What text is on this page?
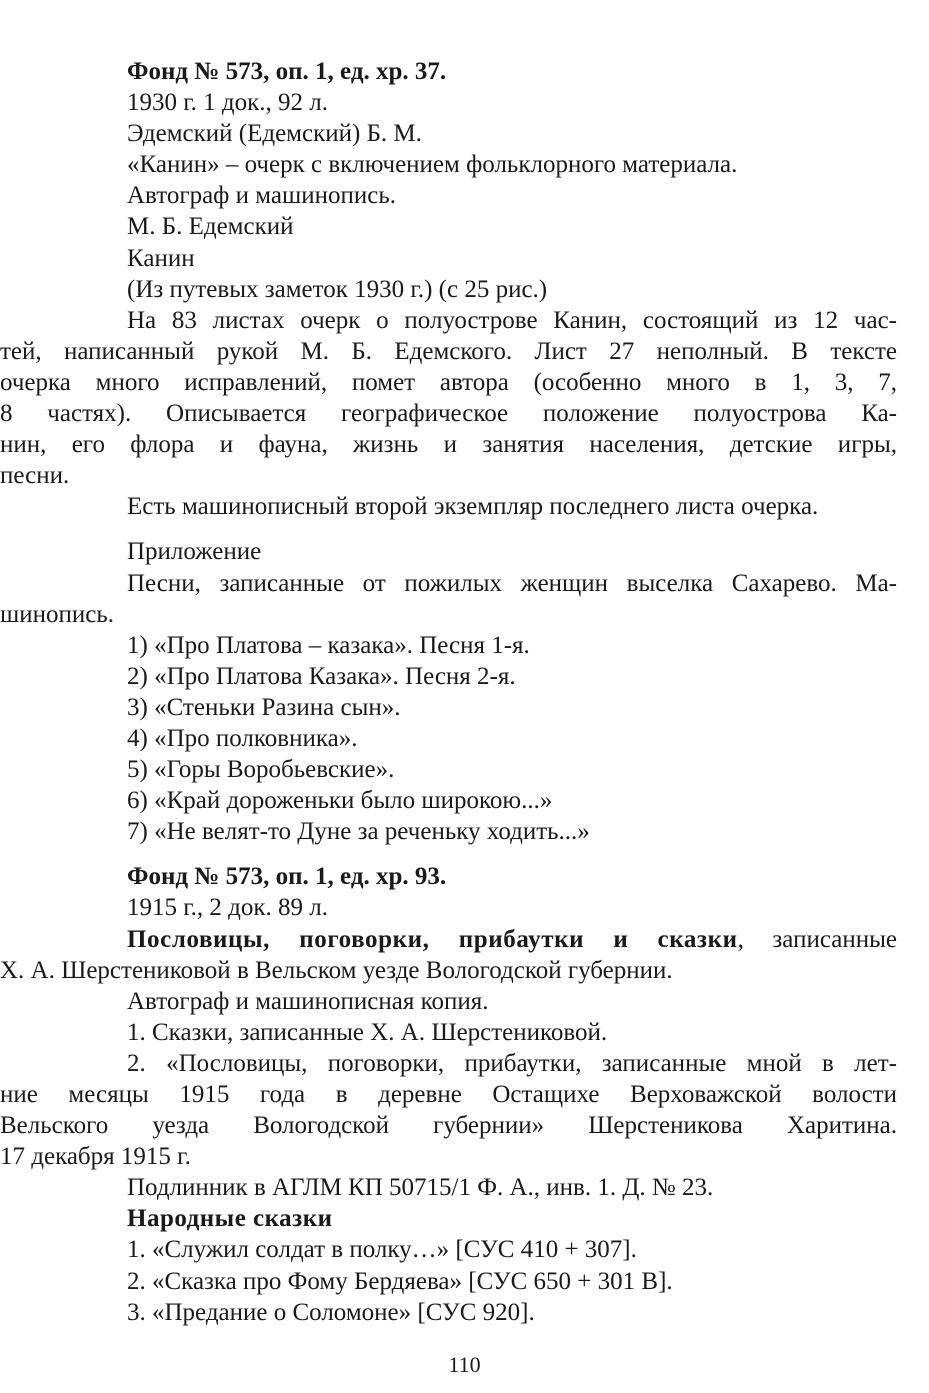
Фонд № 573, оп. 1, ед. хр. 37.
1930 г. 1 док., 92 л.
Эдемский (Едемский) Б. М.
«Канин» – очерк с включением фольклорного материала.
Автограф и машинопись.
М. Б. Едемский
Канин
(Из путевых заметок 1930 г.) (с 25 рис.)
На 83 листах очерк о полуострове Канин, состоящий из 12 час-
тей, написанный рукой М. Б. Едемского. Лист 27 неполный. В тексте
очерка много исправлений, помет автора (особенно много в 1, 3, 7,
8 частях). Описывается географическое положение полуострова Ка-
нин, его флора и фауна, жизнь и занятия населения, детские игры,
песни.
Есть машинописный второй экземпляр последнего листа очерка.
Приложение
Песни, записанные от пожилых женщин выселка Сахарево. Ма-
шинопись.
1) «Про Платова – казака». Песня 1-я.
2) «Про Платова Казака». Песня 2-я.
3) «Стеньки Разина сын».
4) «Про полковника».
5) «Горы Воробьевские».
6) «Край дороженьки было широкою...»
7) «Не велят-то Дуне за реченьку ходить...»
Фонд № 573, оп. 1, ед. хр. 93.
1915 г., 2 док. 89 л.
Пословицы, поговорки, прибаутки и сказки, записанные
Х. А. Шерстениковой в Вельском уезде Вологодской губернии.
Автограф и машинописная копия.
1. Сказки, записанные Х. А. Шерстениковой.
2. «Пословицы, поговорки, прибаутки, записанные мной в лет-
ние месяцы 1915 года в деревне Остащихе Верховажской волости
Вельского уезда Вологодской губернии» Шерстеникова Харитина.
17 декабря 1915 г.
Подлинник в АГЛМ КП 50715/1 Ф. А., инв. 1. Д. № 23.
Народные сказки
1. «Служил солдат в полку…» [СУС 410 + 307].
2. «Сказка про Фому Бердяева» [СУС 650 + 301 В].
3. «Предание о Соломоне» [СУС 920].
110
